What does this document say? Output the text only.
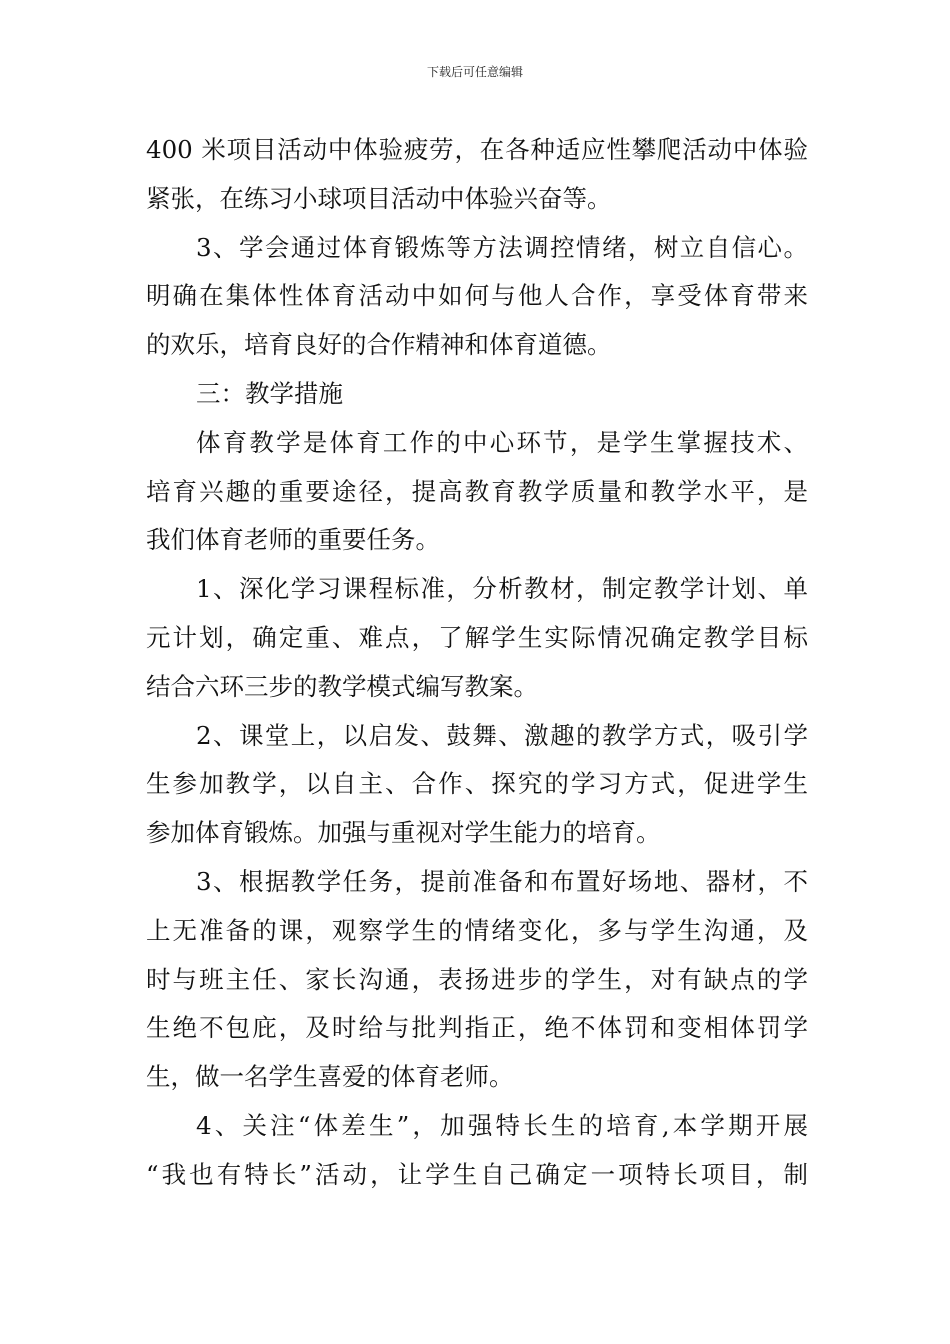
下载后可任意编辑
400 米项目活动中体验疲劳，在各种适应性攀爬活动中体验
紧张，在练习小球项目活动中体验兴奋等。
3、学会通过体育锻炼等方法调控情绪，树立自信心。
明确在集体性体育活动中如何与他人合作，享受体育带来
的欢乐，培育良好的合作精神和体育道德。
三：教学措施
体育教学是体育工作的中心环节，是学生掌握技术、
培育兴趣的重要途径，提高教育教学质量和教学水平，是
我们体育老师的重要任务。
1、深化学习课程标准，分析教材，制定教学计划、单
元计划，确定重、难点，了解学生实际情况确定教学目标
结合六环三步的教学模式编写教案。
2、课堂上，以启发、鼓舞、激趣的教学方式，吸引学
生参加教学，以自主、合作、探究的学习方式，促进学生
参加体育锻炼。加强与重视对学生能力的培育。
3、根据教学任务，提前准备和布置好场地、器材，不
上无准备的课，观察学生的情绪变化，多与学生沟通，及
时与班主任、家长沟通，表扬进步的学生，对有缺点的学
生绝不包庇，及时给与批判指正，绝不体罚和变相体罚学
生，做一名学生喜爱的体育老师。
4、关注“体差生”，加强特长生的培育,本学期开展
“我也有特长”活动，让学生自己确定一项特长项目，制
